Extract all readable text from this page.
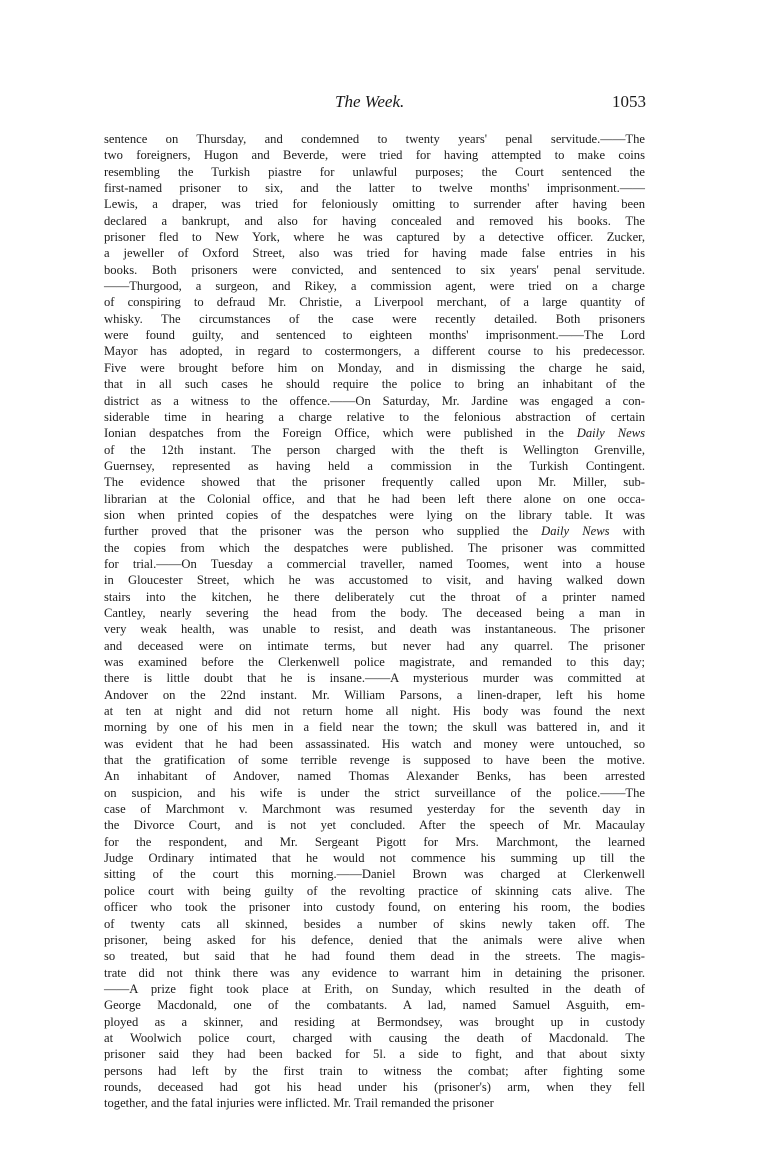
The Week.	1053
sentence on Thursday, and condemned to twenty years' penal servitude.——The
two foreigners, Hugon and Beverde, were tried for having attempted to make coins
resembling the Turkish piastre for unlawful purposes; the Court sentenced the
first-named prisoner to six, and the latter to twelve months' imprisonment.——
Lewis, a draper, was tried for feloniously omitting to surrender after having been
declared a bankrupt, and also for having concealed and removed his books. The
prisoner fled to New York, where he was captured by a detective officer. Zucker,
a jeweller of Oxford Street, also was tried for having made false entries in his
books. Both prisoners were convicted, and sentenced to six years' penal servitude.
——Thurgood, a surgeon, and Rikey, a commission agent, were tried on a charge
of conspiring to defraud Mr. Christie, a Liverpool merchant, of a large quantity of
whisky. The circumstances of the case were recently detailed. Both prisoners
were found guilty, and sentenced to eighteen months' imprisonment.——The Lord
Mayor has adopted, in regard to costermongers, a different course to his predecessor.
Five were brought before him on Monday, and in dismissing the charge he said,
that in all such cases he should require the police to bring an inhabitant of the
district as a witness to the offence.——On Saturday, Mr. Jardine was engaged a con-
siderable time in hearing a charge relative to the felonious abstraction of certain
Ionian despatches from the Foreign Office, which were published in the Daily News
of the 12th instant. The person charged with the theft is Wellington Grenville,
Guernsey, represented as having held a commission in the Turkish Contingent.
The evidence showed that the prisoner frequently called upon Mr. Miller, sub-
librarian at the Colonial office, and that he had been left there alone on one occa-
sion when printed copies of the despatches were lying on the library table. It was
further proved that the prisoner was the person who supplied the Daily News with
the copies from which the despatches were published. The prisoner was committed
for trial.——On Tuesday a commercial traveller, named Toomes, went into a house
in Gloucester Street, which he was accustomed to visit, and having walked down
stairs into the kitchen, he there deliberately cut the throat of a printer named
Cantley, nearly severing the head from the body. The deceased being a man in
very weak health, was unable to resist, and death was instantaneous. The prisoner
and deceased were on intimate terms, but never had any quarrel. The prisoner
was examined before the Clerkenwell police magistrate, and remanded to this day;
there is little doubt that he is insane.——A mysterious murder was committed at
Andover on the 22nd instant. Mr. William Parsons, a linen-draper, left his home
at ten at night and did not return home all night. His body was found the next
morning by one of his men in a field near the town; the skull was battered in, and it
was evident that he had been assassinated. His watch and money were untouched, so
that the gratification of some terrible revenge is supposed to have been the motive.
An inhabitant of Andover, named Thomas Alexander Benks, has been arrested
on suspicion, and his wife is under the strict surveillance of the police.——The
case of Marchmont v. Marchmont was resumed yesterday for the seventh day in
the Divorce Court, and is not yet concluded. After the speech of Mr. Macaulay
for the respondent, and Mr. Sergeant Pigott for Mrs. Marchmont, the learned
Judge Ordinary intimated that he would not commence his summing up till the
sitting of the court this morning.——Daniel Brown was charged at Clerkenwell
police court with being guilty of the revolting practice of skinning cats alive. The
officer who took the prisoner into custody found, on entering his room, the bodies
of twenty cats all skinned, besides a number of skins newly taken off. The
prisoner, being asked for his defence, denied that the animals were alive when
so treated, but said that he had found them dead in the streets. The magis-
trate did not think there was any evidence to warrant him in detaining the prisoner.
——A prize fight took place at Erith, on Sunday, which resulted in the death of
George Macdonald, one of the combatants. A lad, named Samuel Asguith, em-
ployed as a skinner, and residing at Bermondsey, was brought up in custody
at Woolwich police court, charged with causing the death of Macdonald. The
prisoner said they had been backed for 5l. a side to fight, and that about sixty
persons had left by the first train to witness the combat; after fighting some
rounds, deceased had got his head under his (prisoner's) arm, when they fell
together, and the fatal injuries were inflicted. Mr. Trail remanded the prisoner
